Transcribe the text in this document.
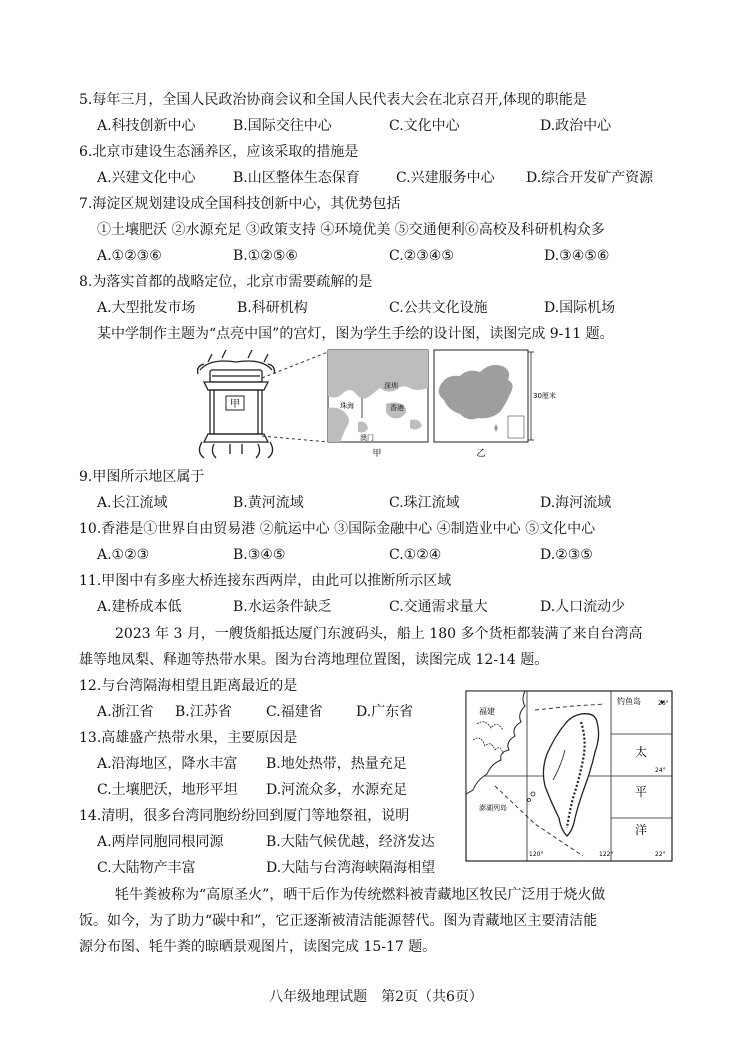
5.每年三月，全国人民政治协商会议和全国人民代表大会在北京召开,体现的职能是
A.科技创新中心	B.国际交往中心	C.文化中心	D.政治中心
6.北京市建设生态涵养区，应该采取的措施是
A.兴建文化中心	B.山区整体生态保育	C.兴建服务中心 D.综合开发矿产资源
7.海淀区规划建设成全国科技创新中心，其优势包括
①土壤肥沃 ②水源充足 ③政策支持 ④环境优美 ⑤交通便利⑥高校及科研机构众多
A.①②③⑥	B.①②⑤⑥	C.②③④⑤	D.③④⑤⑥
8.为落实首都的战略定位，北京市需要疏解的是
A.大型批发市场	B.科研机构	C.公共文化设施	D.国际机场
某中学制作主题为“点亮中国”的宫灯，图为学生手绘的设计图，读图完成 9-11 题。
甲
深圳
珠海	香港
澳门
甲
30厘米
乙
9.甲图所示地区属于
A.长江流域	B.黄河流域	C.珠江流域	D.海河流域
10.香港是①世界自由贸易港 ②航运中心 ③国际金融中心 ④制造业中心 ⑤文化中心
A.①②③	B.③④⑤	C.①②④	D.②③⑤
11.甲图中有多座大桥连接东西两岸，由此可以推断所示区域
A.建桥成本低	B.水运条件缺乏	C.交通需求量大	D.人口流动少
2023 年 3 月，一艘货船抵达厦门东渡码头，船上 180 多个货柜都装满了来自台湾高
雄等地凤梨、释迦等热带水果。图为台湾地理位置图，读图完成 12-14 题。
12.与台湾隔海相望且距离最近的是
A.浙江省 B.江苏省 C.福建省 D.广东省
13.高雄盛产热带水果，主要原因是
A.沿海地区，降水丰富 B.地处热带，热量充足
C.土壤肥沃，地形平坦 D.河流众多，水源充足
14.清明，很多台湾同胞纷纷回到厦门等地祭祖，说明
A.两岸同胞同根同源	B.大陆气候优越，经济发达
C.大陆物产丰富	D.大陆与台湾海峡隔海相望
福建
钓鱼岛
太
平
洋
澎湖列岛
26°
24°
22°
120°	122°
牦牛粪被称为“高原圣火”，晒干后作为传统燃料被青藏地区牧民广泛用于烧火做
饭。如今，为了助力“碳中和”，它正逐渐被清洁能源替代。图为青藏地区主要清洁能
源分布图、牦牛粪的晾晒景观图片，读图完成 15-17 题。
八年级地理试题　第2页（共6页）
